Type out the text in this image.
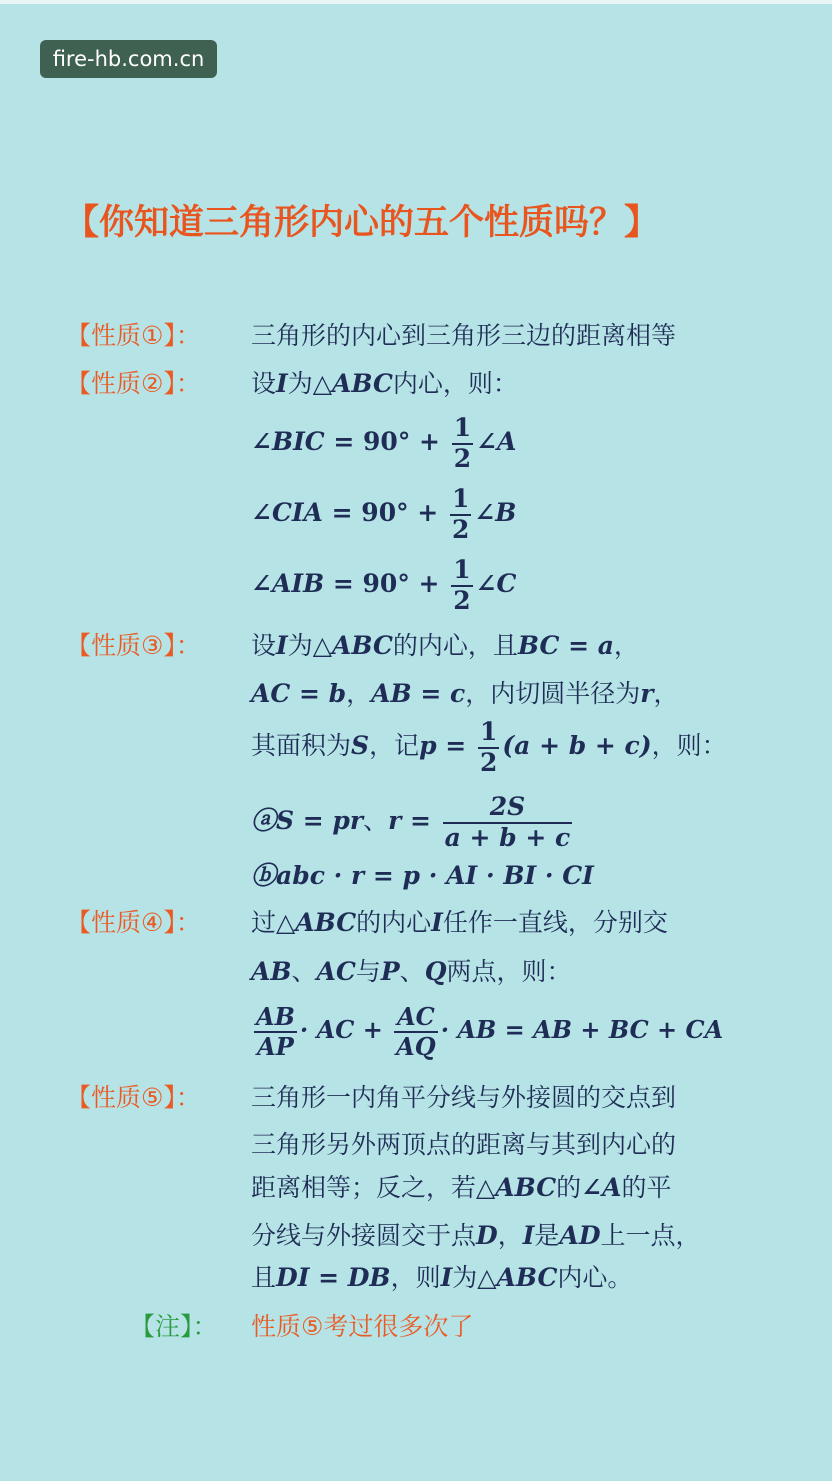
fire-hb.com.cn
【你知道三角形内心的五个性质吗？】
【性质①】：	三角形的内心到三角形三边的距离相等
【性质②】：	设I为△ABC内心，则：
∠BIC = $90^\circ + \frac{1}{2}$ ∠A
∠CIA = $90^\circ + \frac{1}{2}$ ∠B
∠AIB = $90^\circ + \frac{1}{2}$ ∠C
【性质③】：	设I为△ABC的内心，且BC = a，
AC = b，AB = c，内切圆半径为r，
其面积为S，记$p = \frac{1}{2} (a + b + c)$，则：
ⓐS = pr、$r = \frac{2S}{a + b + c}$
ⓑabc · r = p · AI · BI · CI
【性质④】：	过△ABC的内心I任作一直线，分别交
AB、AC与P、Q两点，则：
$\frac{AB}{AP}$ · AC + $\frac{AC}{AQ}$ · AB = AB + BC + CA
【性质⑤】：	三角形一内角平分线与外接圆的交点到
三角形另外两顶点的距离与其到内心的
距离相等；反之，若△ABC的∠A的平
分线与外接圆交于点D，I是AD上一点，
且DI = DB，则I为△ABC内心。
【注】：	性质⑤考过很多次了
